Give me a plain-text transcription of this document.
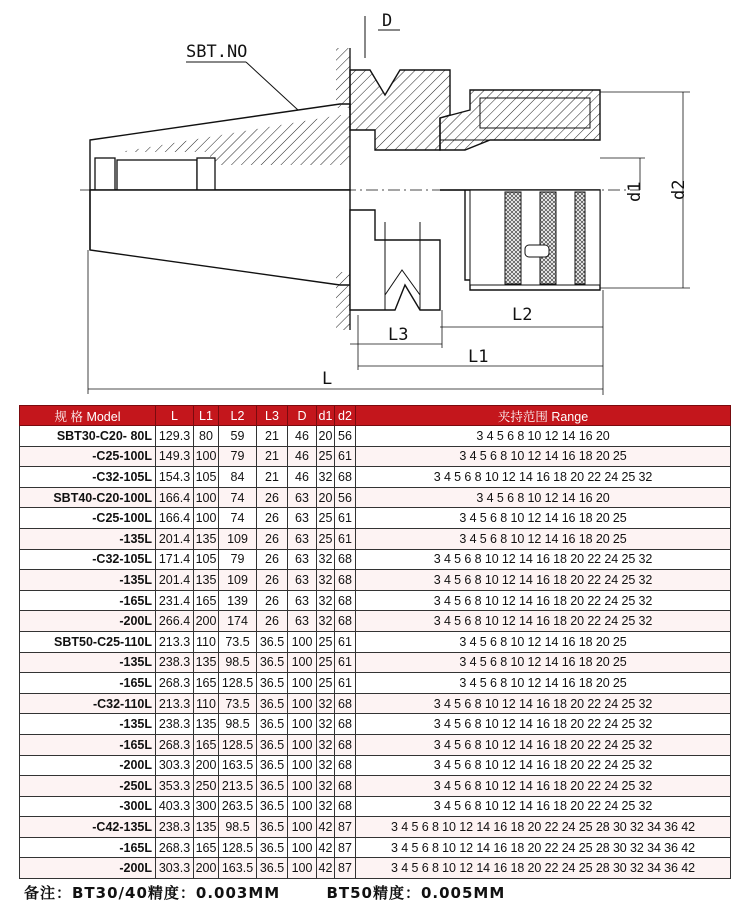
D
SBT.NO
d1 d2
L2
L3
L1
L
规 格 Model	L	L1	L2	L3	D	d1	d2	夹持范围 Range
SBT30-C20- 80L	129.3	80	59	21	46	20	56	3 4 5 6 8 10 12 14 16 20
-C25-100L	149.3	100	79	21	46	25	61	3 4 5 6 8 10 12 14 16 18 20 25
-C32-105L	154.3	105	84	21	46	32	68	3 4 5 6 8 10 12 14 16 18 20 22 24 25 32
SBT40-C20-100L	166.4	100	74	26	63	20	56	3 4 5 6 8 10 12 14 16 20
-C25-100L	166.4	100	74	26	63	25	61	3 4 5 6 8 10 12 14 16 18 20 25
-135L	201.4	135	109	26	63	25	61	3 4 5 6 8 10 12 14 16 18 20 25
-C32-105L	171.4	105	79	26	63	32	68	3 4 5 6 8 10 12 14 16 18 20 22 24 25 32
-135L	201.4	135	109	26	63	32	68	3 4 5 6 8 10 12 14 16 18 20 22 24 25 32
-165L	231.4	165	139	26	63	32	68	3 4 5 6 8 10 12 14 16 18 20 22 24 25 32
-200L	266.4	200	174	26	63	32	68	3 4 5 6 8 10 12 14 16 18 20 22 24 25 32
SBT50-C25-110L	213.3	110	73.5	36.5	100	25	61	3 4 5 6 8 10 12 14 16 18 20 25
-135L	238.3	135	98.5	36.5	100	25	61	3 4 5 6 8 10 12 14 16 18 20 25
-165L	268.3	165	128.5	36.5	100	25	61	3 4 5 6 8 10 12 14 16 18 20 25
-C32-110L	213.3	110	73.5	36.5	100	32	68	3 4 5 6 8 10 12 14 16 18 20 22 24 25 32
-135L	238.3	135	98.5	36.5	100	32	68	3 4 5 6 8 10 12 14 16 18 20 22 24 25 32
-165L	268.3	165	128.5	36.5	100	32	68	3 4 5 6 8 10 12 14 16 18 20 22 24 25 32
-200L	303.3	200	163.5	36.5	100	32	68	3 4 5 6 8 10 12 14 16 18 20 22 24 25 32
-250L	353.3	250	213.5	36.5	100	32	68	3 4 5 6 8 10 12 14 16 18 20 22 24 25 32
-300L	403.3	300	263.5	36.5	100	32	68	3 4 5 6 8 10 12 14 16 18 20 22 24 25 32
-C42-135L	238.3	135	98.5	36.5	100	42	87	3 4 5 6 8 10 12 14 16 18 20 22 24 25 28 30 32 34 36 42
-165L	268.3	165	128.5	36.5	100	42	87	3 4 5 6 8 10 12 14 16 18 20 22 24 25 28 30 32 34 36 42
-200L	303.3	200	163.5	36.5	100	42	87	3 4 5 6 8 10 12 14 16 18 20 22 24 25 28 30 32 34 36 42
备注：BT30/40精度：0.003MM	BT50精度：0.005MM
